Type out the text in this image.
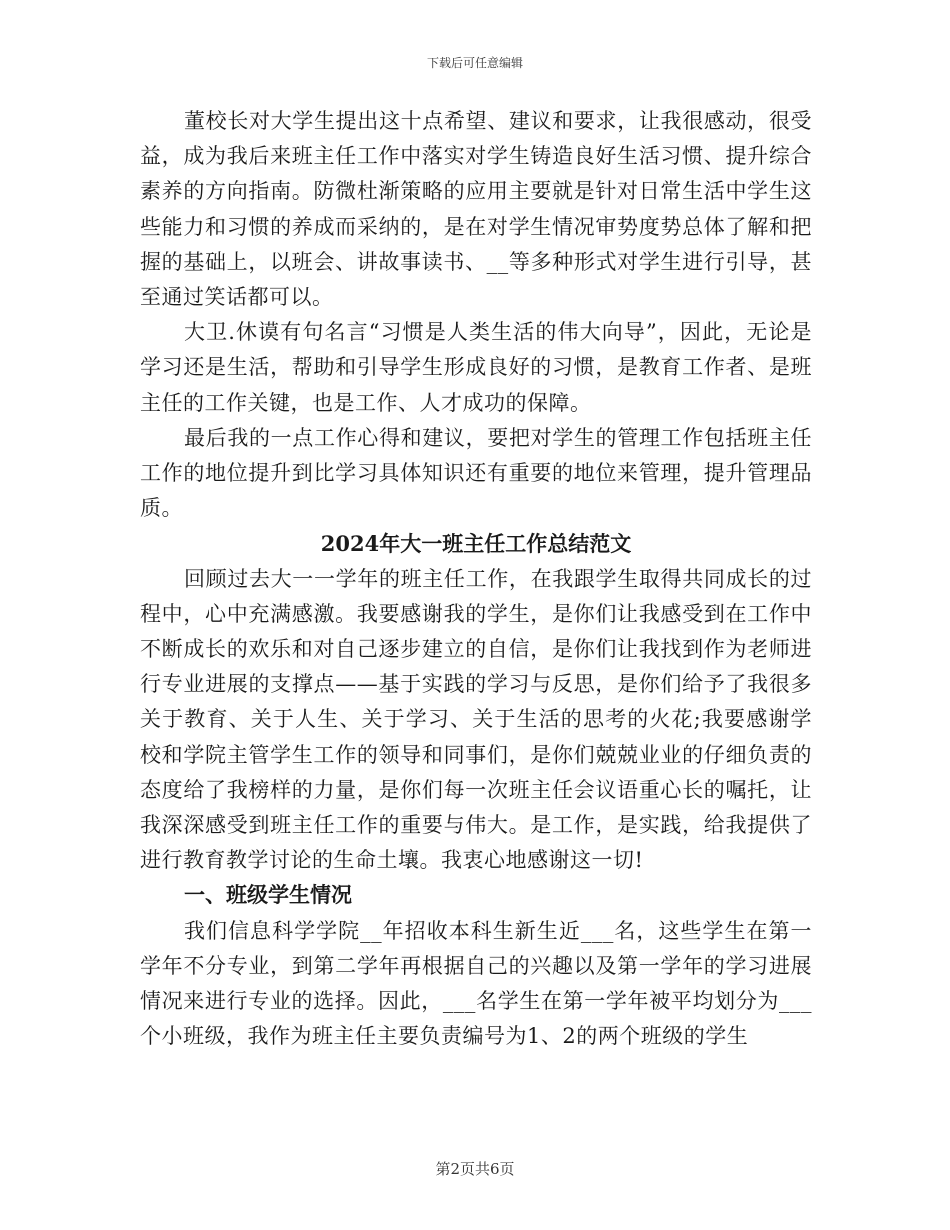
下载后可任意编辑

董校长对大学生提出这十点希望、建议和要求，让我很感动，很受益，成为我后来班主任工作中落实对学生铸造良好生活习惯、提升综合素养的方向指南。防微杜渐策略的应用主要就是针对日常生活中学生这些能力和习惯的养成而采纳的，是在对学生情况审势度势总体了解和把握的基础上，以班会、讲故事读书、__等多种形式对学生进行引导，甚至通过笑话都可以。

大卫.休谟有句名言“习惯是人类生活的伟大向导”，因此，无论是学习还是生活，帮助和引导学生形成良好的习惯，是教育工作者、是班主任的工作关键，也是工作、人才成功的保障。

最后我的一点工作心得和建议，要把对学生的管理工作包括班主任工作的地位提升到比学习具体知识还有重要的地位来管理，提升管理品质。

2024年大一班主任工作总结范文

回顾过去大一一学年的班主任工作，在我跟学生取得共同成长的过程中，心中充满感激。我要感谢我的学生，是你们让我感受到在工作中不断成长的欢乐和对自己逐步建立的自信，是你们让我找到作为老师进行专业进展的支撑点——基于实践的学习与反思，是你们给予了我很多关于教育、关于人生、关于学习、关于生活的思考的火花;我要感谢学校和学院主管学生工作的领导和同事们，是你们兢兢业业的仔细负责的态度给了我榜样的力量，是你们每一次班主任会议语重心长的嘱托，让我深深感受到班主任工作的重要与伟大。是工作，是实践，给我提供了进行教育教学讨论的生命土壤。我衷心地感谢这一切!

一、班级学生情况

我们信息科学学院__年招收本科生新生近___名，这些学生在第一学年不分专业，到第二学年再根据自己的兴趣以及第一学年的学习进展情况来进行专业的选择。因此，___名学生在第一学年被平均划分为___个小班级，我作为班主任主要负责编号为1、2的两个班级的学生

第2页共6页
